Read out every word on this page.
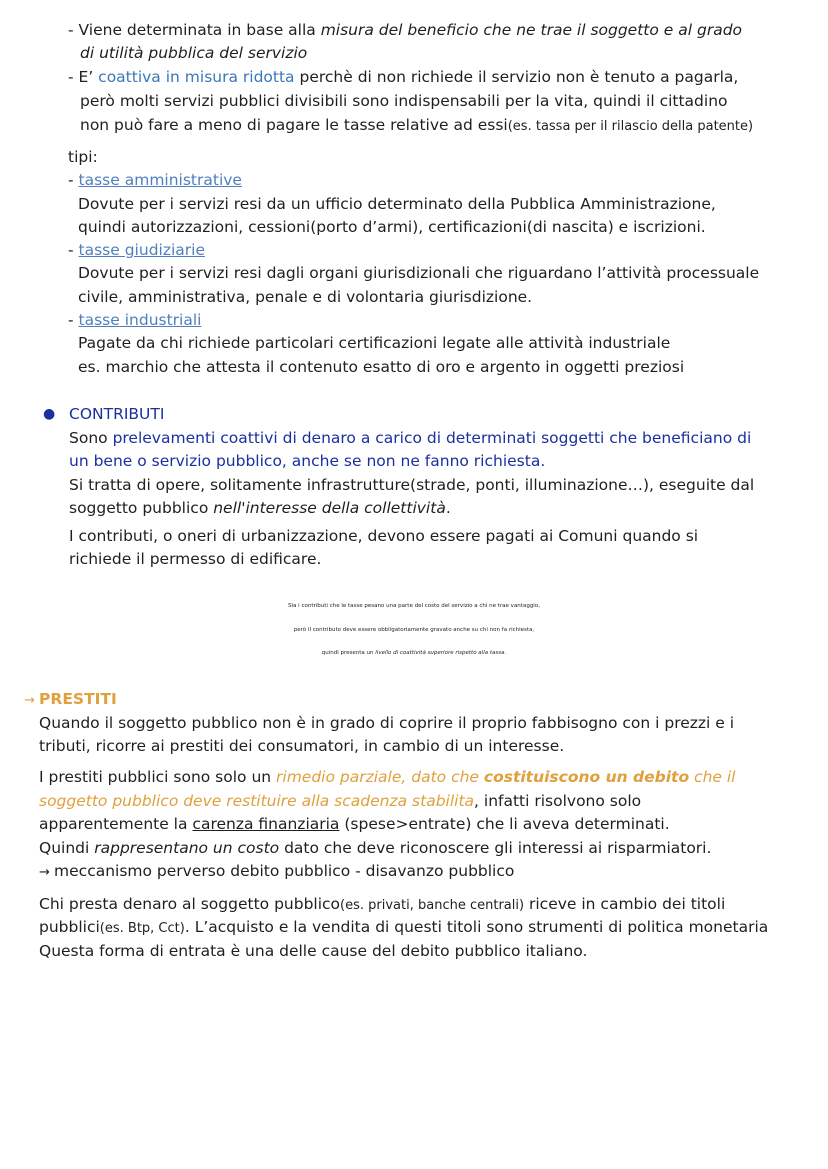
- Viene determinata in base alla misura del beneficio che ne trae il soggetto e al grado
di utilità pubblica del servizio
- E’ coattiva in misura ridotta perchè di non richiede il servizio non è tenuto a pagarla,
però molti servizi pubblici divisibili sono indispensabili per la vita, quindi il cittadino
non può fare a meno di pagare le tasse relative ad essi(es. tassa per il rilascio della patente)
tipi:
- tasse amministrative
Dovute per i servizi resi da un ufficio determinato della Pubblica Amministrazione,
quindi autorizzazioni, cessioni(porto d’armi), certificazioni(di nascita) e iscrizioni.
- tasse giudiziarie
Dovute per i servizi resi dagli organi giurisdizionali che riguardano l’attività processuale
civile, amministrativa, penale e di volontaria giurisdizione.
- tasse industriali
Pagate da chi richiede particolari certificazioni legate alle attività industriale
es. marchio che attesta il contenuto esatto di oro e argento in oggetti preziosi
● CONTRIBUTI
Sono prelevamenti coattivi di denaro a carico di determinati soggetti che beneficiano di
un bene o servizio pubblico, anche se non ne fanno richiesta.
Si tratta di opere, solitamente infrastrutture(strade, ponti, illuminazione…), eseguite dal
soggetto pubblico nell'interesse della collettività.
I contributi, o oneri di urbanizzazione, devono essere pagati ai Comuni quando si
richiede il permesso di edificare.
Sia i contributi che le tasse pesano una parte del costo del servizio a chi ne trae vantaggio,
però il contributo deve essere obbligatoriamente gravato anche su chi non fa richiesta,
quindi presenta un livello di coattività superiore rispetto alla tassa.
→ PRESTITI
Quando il soggetto pubblico non è in grado di coprire il proprio fabbisogno con i prezzi e i
tributi, ricorre ai prestiti dei consumatori, in cambio di un interesse.
I prestiti pubblici sono solo un rimedio parziale, dato che costituiscono un debito che il
soggetto pubblico deve restituire alla scadenza stabilita, infatti risolvono solo
apparentemente la carenza finanziaria (spese>entrate) che li aveva determinati.
Quindi rappresentano un costo dato che deve riconoscere gli interessi ai risparmiatori.
→ meccanismo perverso debito pubblico - disavanzo pubblico
Chi presta denaro al soggetto pubblico(es. privati, banche centrali) riceve in cambio dei titoli
pubblici(es. Btp, Cct). L’acquisto e la vendita di questi titoli sono strumenti di politica monetaria
Questa forma di entrata è una delle cause del debito pubblico italiano.
